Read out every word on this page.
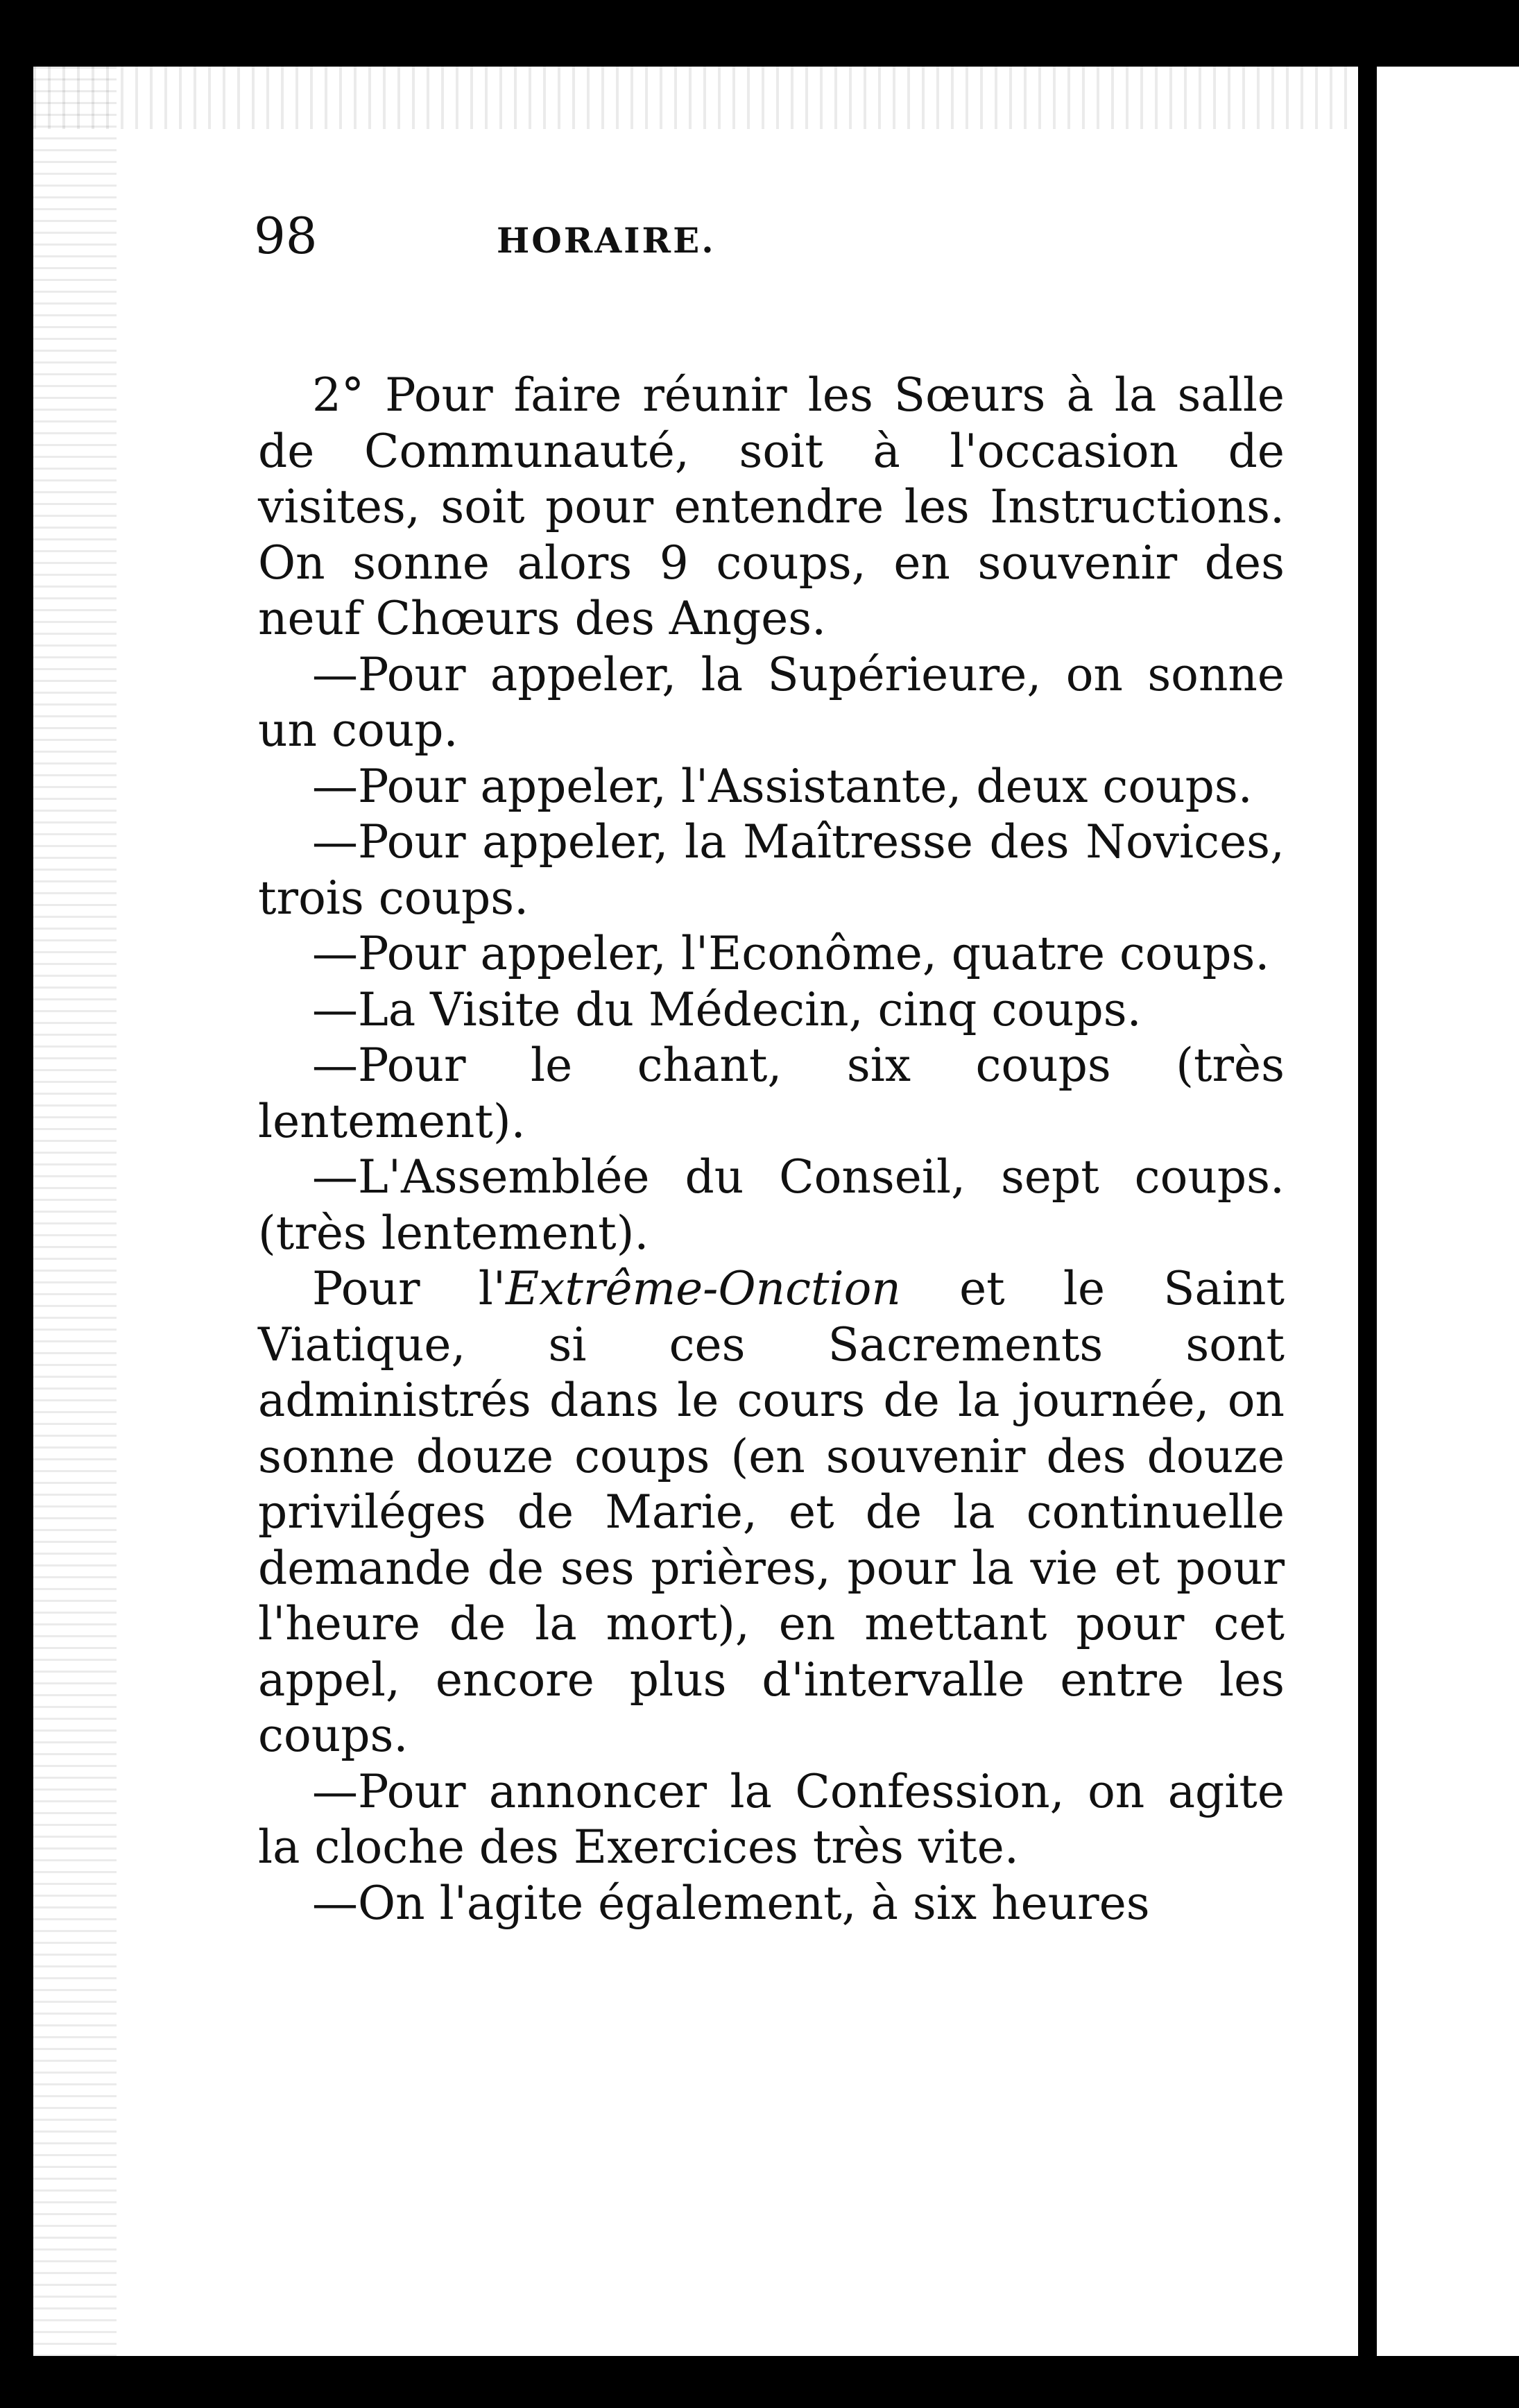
98	HORAIRE.

2° Pour faire réunir les Sœurs à la salle de Communauté, soit à l'occasion de visites, soit pour entendre les Instructions. On sonne alors 9 coups, en souvenir des neuf Chœurs des Anges.

—Pour appeler, la Supérieure, on sonne un coup.

—Pour appeler, l'Assistante, deux coups.

—Pour appeler, la Maîtresse des Novices, trois coups.

—Pour appeler, l'Econôme, quatre coups.

—La Visite du Médecin, cinq coups.

—Pour le chant, six coups (très lentement).

—L'Assemblée du Conseil, sept coups. (très lentement).

Pour l'Extrême-Onction et le Saint Viatique, si ces Sacrements sont administrés dans le cours de la journée, on sonne douze coups (en souvenir des douze priviléges de Marie, et de la continuelle demande de ses prières, pour la vie et pour l'heure de la mort), en mettant pour cet appel, encore plus d'intervalle entre les coups.

—Pour annoncer la Confession, on agite la cloche des Exercices très vite.

—On l'agite également, à six heures
